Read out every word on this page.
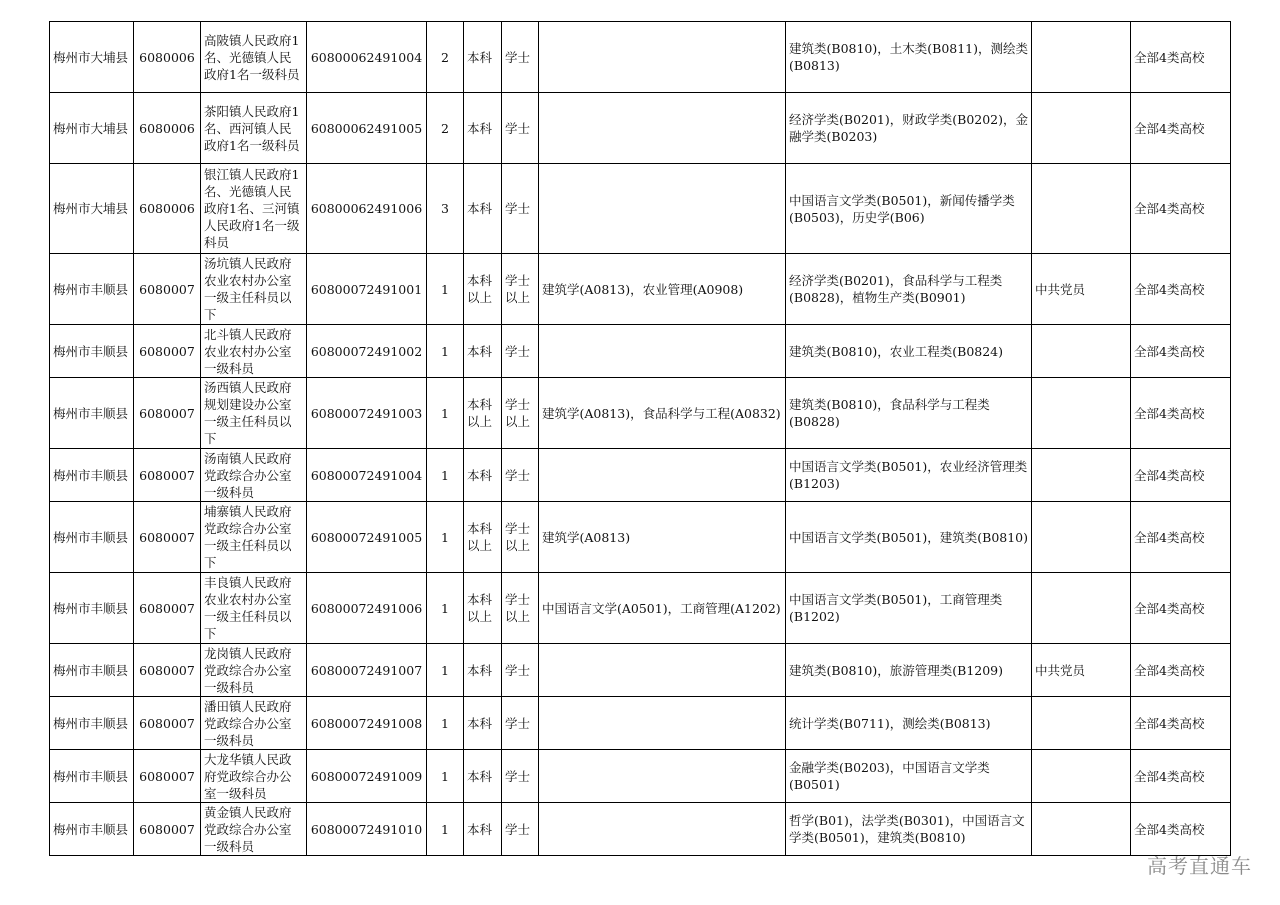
梅州市大埔县	6080006	高陂镇人民政府1名、光德镇人民政府1名一级科员	60800062491004	2	本科	学士		建筑类(B0810)，土木类(B0811)，测绘类(B0813)		全部4类高校
梅州市大埔县	6080006	茶阳镇人民政府1名、西河镇人民政府1名一级科员	60800062491005	2	本科	学士		经济学类(B0201)，财政学类(B0202)，金融学类(B0203)		全部4类高校
梅州市大埔县	6080006	银江镇人民政府1名、光德镇人民政府1名、三河镇人民政府1名一级科员	60800062491006	3	本科	学士		中国语言文学类(B0501)，新闻传播学类(B0503)，历史学(B06)		全部4类高校
梅州市丰顺县	6080007	汤坑镇人民政府农业农村办公室一级主任科员以下	60800072491001	1	本科以上	学士以上	建筑学(A0813)，农业管理(A0908)	经济学类(B0201)，食品科学与工程类(B0828)，植物生产类(B0901)	中共党员	全部4类高校
梅州市丰顺县	6080007	北斗镇人民政府农业农村办公室一级科员	60800072491002	1	本科	学士		建筑类(B0810)，农业工程类(B0824)		全部4类高校
梅州市丰顺县	6080007	汤西镇人民政府规划建设办公室一级主任科员以下	60800072491003	1	本科以上	学士以上	建筑学(A0813)，食品科学与工程(A0832)	建筑类(B0810)，食品科学与工程类(B0828)		全部4类高校
梅州市丰顺县	6080007	汤南镇人民政府党政综合办公室一级科员	60800072491004	1	本科	学士		中国语言文学类(B0501)，农业经济管理类(B1203)		全部4类高校
梅州市丰顺县	6080007	埔寨镇人民政府党政综合办公室一级主任科员以下	60800072491005	1	本科以上	学士以上	建筑学(A0813)	中国语言文学类(B0501)，建筑类(B0810)		全部4类高校
梅州市丰顺县	6080007	丰良镇人民政府农业农村办公室一级主任科员以下	60800072491006	1	本科以上	学士以上	中国语言文学(A0501)，工商管理(A1202)	中国语言文学类(B0501)，工商管理类(B1202)		全部4类高校
梅州市丰顺县	6080007	龙岗镇人民政府党政综合办公室一级科员	60800072491007	1	本科	学士		建筑类(B0810)，旅游管理类(B1209)	中共党员	全部4类高校
梅州市丰顺县	6080007	潘田镇人民政府党政综合办公室一级科员	60800072491008	1	本科	学士		统计学类(B0711)，测绘类(B0813)		全部4类高校
梅州市丰顺县	6080007	大龙华镇人民政府党政综合办公室一级科员	60800072491009	1	本科	学士		金融学类(B0203)，中国语言文学类(B0501)		全部4类高校
梅州市丰顺县	6080007	黄金镇人民政府党政综合办公室一级科员	60800072491010	1	本科	学士		哲学(B01)，法学类(B0301)，中国语言文学类(B0501)，建筑类(B0810)		全部4类高校
高考直通车
